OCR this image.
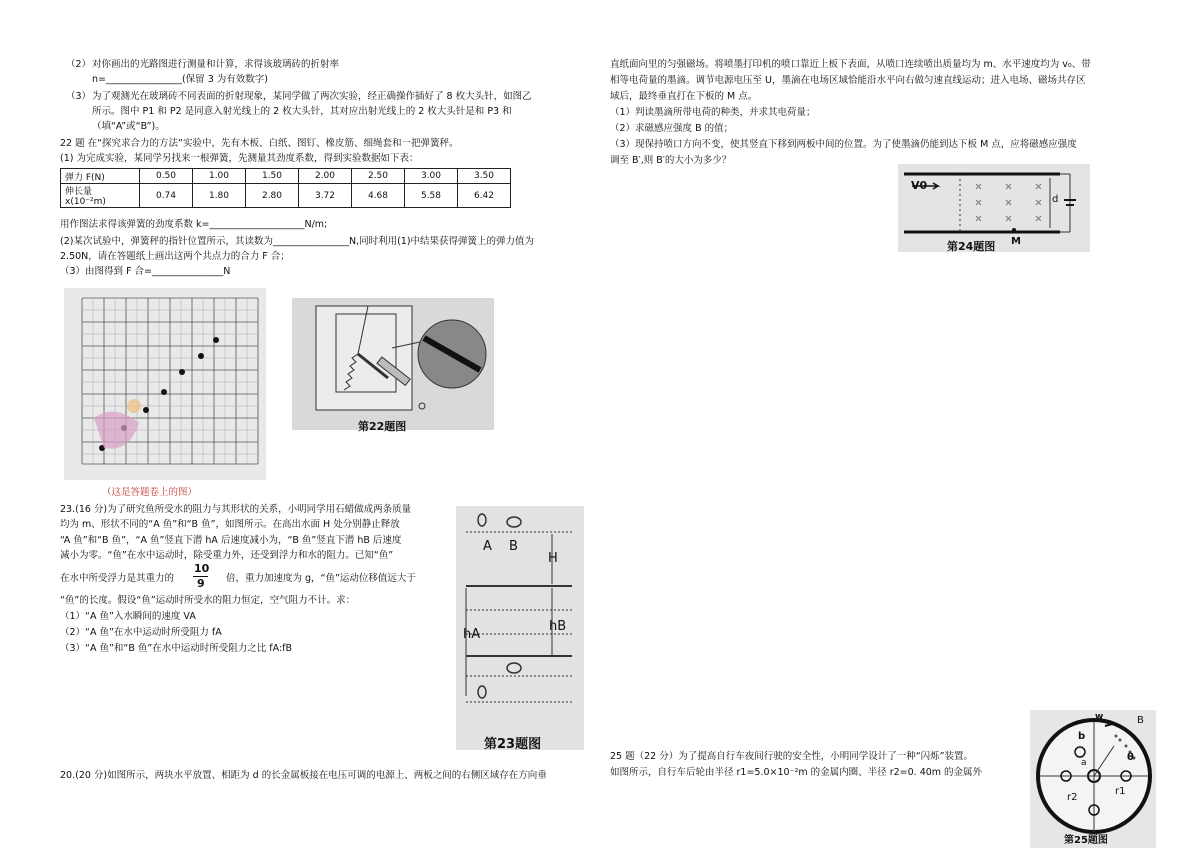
（2） 对你画出的光路图进行测量和计算，求得该玻璃砖的折射率
n=________________(保留 3 为有效数字)
（3） 为了观测光在玻璃砖不同表面的折射现象，某同学做了两次实验，经正确操作插好了 8 枚大头针，如图乙
所示。图中 P1 和 P2 是同意入射光线上的 2 枚大头针，其对应出射光线上的 2 枚大头针是和 P3 和
（填“A”或“B”)。
22 题 在“探究求合力的方法”实验中，先有木板、白纸、图钉、橡皮筋、细绳套和一把弹簧秤。
(1) 为完成实验，某同学另找来一根弹簧，先测量其劲度系数，得到实验数据如下表：
弹力 F(N)	0.50	1.00	1.50	2.00	2.50	3.00	3.50
伸长量 x(10⁻²m)	0.74	1.80	2.80	3.72	4.68	5.58	6.42
用作图法求得该弹簧的劲度系数 k=____________________N/m;
(2)某次试验中，弹簧秤的指针位置所示，其读数为________________N,同时利用(1)中结果获得弹簧上的弹力值为
2.50N，请在答题纸上画出这两个共点力的合力 F 合；
（3）由图得到 F 合=_______________N
（这是答题卷上的图）
第22题图
23.(16 分)为了研究鱼所受水的阻力与其形状的关系，小明同学用石蜡做成两条质量
均为 m、形状不同的“A 鱼”和“B 鱼”，如图所示。在高出水面 H 处分别静止释放
“A 鱼”和“B 鱼”，“A 鱼”竖直下潜 hA 后速度减小为，“B 鱼”竖直下潜 hB 后速度
减小为零。“鱼”在水中运动时，除受重力外，还受到浮力和水的阻力。已知“鱼”
在水中所受浮力是其重力的
10
9 倍，重力加速度为 g，“鱼”运动位移值远大于
“鱼”的长度。假设“鱼”运动时所受水的阻力恒定，空气阻力不计。求：
（1）“A 鱼”入水瞬间的速度 VA
（2）“A 鱼”在水中运动时所受阻力 fA
（3）“A 鱼”和“B 鱼”在水中运动时所受阻力之比 fA:fB
A B
H
hA
hB
第23题图
20.(20 分)如图所示，两块水平放置、相距为 d 的长金属板接在电压可调的电源上、两板之间的右侧区域存在方向垂
直纸面向里的匀强磁场。将喷墨打印机的喷口靠近上板下表面，从喷口连续喷出质量均为 m、水平速度均为 v₀、带
相等电荷量的墨滴。调节电源电压至 U，墨滴在电场区域恰能沿水平向右做匀速直线运动；进入电场、磁场共存区
域后，最终垂直打在下板的 M 点。
（1）判读墨滴所带电荷的种类，并求其电荷量；
（2）求磁感应强度 B 的值；
（3）现保持喷口方向不变，使其竖直下移到两板中间的位置。为了使墨滴仍能到达下板 M 点，应将磁感应强度
调至 B′,则 B′的大小为多少？
V0
d
M
第24题图
25 题（22 分）为了提高自行车夜间行驶的安全性，小明同学设计了一种“闪烁”装置。
如图所示，自行车后轮由半径 r1=5.0×10⁻²m 的金属内圈、半径 r2=0. 40m 的金属外
w	B
b
a	θ
r2
r1
第25题图
